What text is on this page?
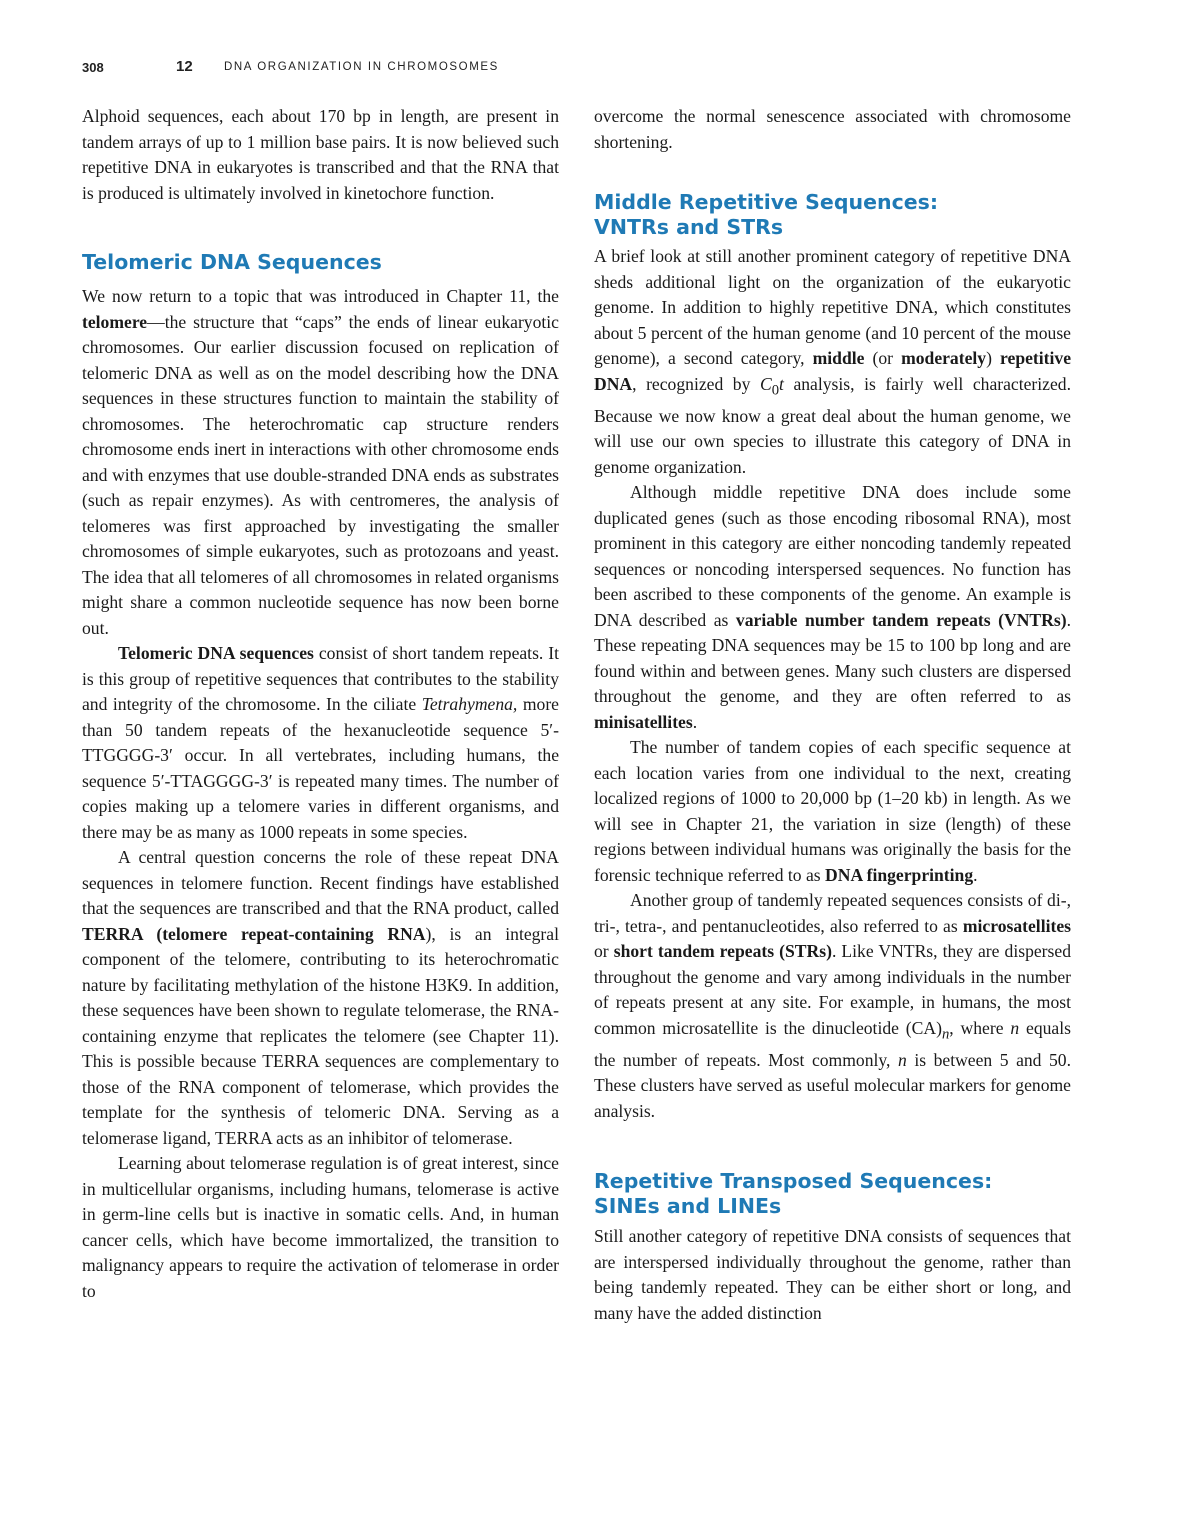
308	12	DNA ORGANIZATION IN CHROMOSOMES

Alphoid sequences, each about 170 bp in length, are present in tandem arrays of up to 1 million base pairs. It is now believed such repetitive DNA in eukaryotes is transcribed and that the RNA that is produced is ultimately involved in kinetochore function.

Telomeric DNA Sequences

We now return to a topic that was introduced in Chapter 11, the telomere—the structure that “caps” the ends of linear eukaryotic chromosomes. Our earlier discussion focused on replication of telomeric DNA as well as on the model describing how the DNA sequences in these structures function to maintain the stability of chromosomes. The heterochromatic cap structure renders chromosome ends inert in interactions with other chromosome ends and with enzymes that use double-stranded DNA ends as substrates (such as repair enzymes). As with centromeres, the analysis of telomeres was first approached by investigating the smaller chromosomes of simple eukaryotes, such as protozoans and yeast. The idea that all telomeres of all chromosomes in related organisms might share a common nucleotide sequence has now been borne out.

Telomeric DNA sequences consist of short tandem repeats. It is this group of repetitive sequences that contributes to the stability and integrity of the chromosome. In the ciliate Tetrahymena, more than 50 tandem repeats of the hexanucleotide sequence 5′-TTGGGG-3′ occur. In all vertebrates, including humans, the sequence 5′-TTAGGGG-3′ is repeated many times. The number of copies making up a telomere varies in different organisms, and there may be as many as 1000 repeats in some species.

A central question concerns the role of these repeat DNA sequences in telomere function. Recent findings have established that the sequences are transcribed and that the RNA product, called TERRA (telomere repeat-containing RNA), is an integral component of the telomere, contributing to its heterochromatic nature by facilitating methylation of the histone H3K9. In addition, these sequences have been shown to regulate telomerase, the RNA-containing enzyme that replicates the telomere (see Chapter 11). This is possible because TERRA sequences are complementary to those of the RNA component of telomerase, which provides the template for the synthesis of telomeric DNA. Serving as a telomerase ligand, TERRA acts as an inhibitor of telomerase.

Learning about telomerase regulation is of great interest, since in multicellular organisms, including humans, telomerase is active in germ-line cells but is inactive in somatic cells. And, in human cancer cells, which have become immortalized, the transition to malignancy appears to require the activation of telomerase in order to

overcome the normal senescence associated with chromosome shortening.

Middle Repetitive Sequences:
VNTRs and STRs

A brief look at still another prominent category of repetitive DNA sheds additional light on the organization of the eukaryotic genome. In addition to highly repetitive DNA, which constitutes about 5 percent of the human genome (and 10 percent of the mouse genome), a second category, middle (or moderately) repetitive DNA, recognized by $C_0t$ analysis, is fairly well characterized. Because we now know a great deal about the human genome, we will use our own species to illustrate this category of DNA in genome organization.

Although middle repetitive DNA does include some duplicated genes (such as those encoding ribosomal RNA), most prominent in this category are either noncoding tandemly repeated sequences or noncoding interspersed sequences. No function has been ascribed to these components of the genome. An example is DNA described as variable number tandem repeats (VNTRs). These repeating DNA sequences may be 15 to 100 bp long and are found within and between genes. Many such clusters are dispersed throughout the genome, and they are often referred to as minisatellites.

The number of tandem copies of each specific sequence at each location varies from one individual to the next, creating localized regions of 1000 to 20,000 bp (1–20 kb) in length. As we will see in Chapter 21, the variation in size (length) of these regions between individual humans was originally the basis for the forensic technique referred to as DNA fingerprinting.

Another group of tandemly repeated sequences consists of di-, tri-, tetra-, and pentanucleotides, also referred to as microsatellites or short tandem repeats (STRs). Like VNTRs, they are dispersed throughout the genome and vary among individuals in the number of repeats present at any site. For example, in humans, the most common microsatellite is the dinucleotide $(CA)_n$, where n equals the number of repeats. Most commonly, n is between 5 and 50. These clusters have served as useful molecular markers for genome analysis.

Repetitive Transposed Sequences:
SINEs and LINEs

Still another category of repetitive DNA consists of sequences that are interspersed individually throughout the genome, rather than being tandemly repeated. They can be either short or long, and many have the added distinction
